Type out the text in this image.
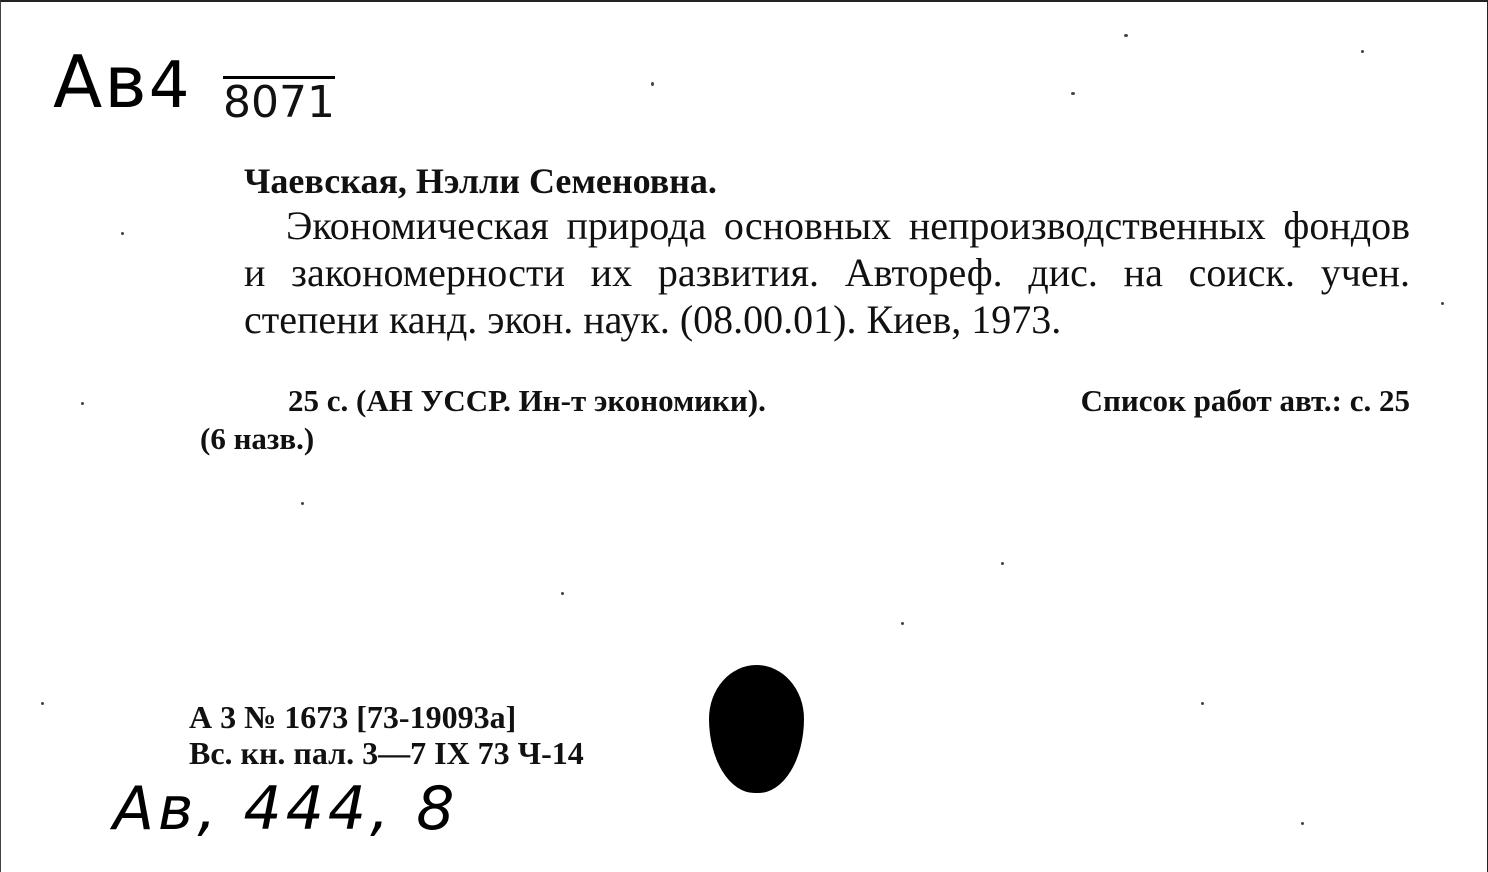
Ав4 8071
Чаевская, Нэлли Семеновна.
Экономическая природа основных непроизводственных фондов и закономерности их развития. Автореф. дис. на соиск. учен. степени канд. экон. наук. (08.00.01). Киев, 1973.
Список работ авт.: с. 25
25 с. (АН УССР. Ин-т экономики).
(6 назв.)
А 3 № 1673 [73-19093а]
Вс. кн. пал. 3—7 IX 73 Ч-14
Ав, 444, 8
